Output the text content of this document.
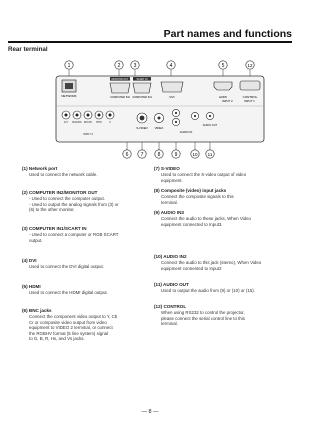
Part names and functions
Rear terminal
1	2	3	4	5	12
6 7	8	9	10 11
NETWORK
MONITOR OUT
COMPUTER IN2
SCART IN
COMPUTER IN1	DVI	HDMI	CONTROL
G/Y B/Cb/Pb R/Cr/Pr H/HV	V
INPUT 3
S-VIDEO VIDEO
AUDIO IN
AUDIO OUT
INPUT 2	INPUT 1
(1) Network port
Used to connect the network cable.
(2) COMPUTER IN2/MONITOR OUT
- Used to connect the computer output.
- Used to output the analog signals from (3) or
(6) to the other monitor.
(3) COMPUTER IN1/SCART IN
- Used to connect a computer or RGB SCART
output.
(4) DVI
Used to connect the DVI digital output.
(5) HDMI
Used to connect the HDMI digital output.
(6) BNC jacks
Connect the component video output to Y, Cb
Cr or composite video output from video
equipment to VIDEO 2 terminal, or connect
the RGBHV format (5 line system) signal
to G, B, R, Hs, and Vs jacks.
(7) S-VIDEO
Used to connect the S-video output of video
equipment.
(8) Composite (video) input jacks
Connect the composite signals to this
terminal.
(9) AUDIO IN3
Connect the audio to these jacks, When Video
equipment connected to Input3.
(10) AUDIO IN2
Connect the audio to this jack (stereo), When Video
equipment connented to Input2
(11) AUDIO OUT
Used to output the audio from (9) or (10) or (15).
(12) CONTROL
When using RS232 to control the projector,
please connect the serial control line to this
terminal.
— 8 —
